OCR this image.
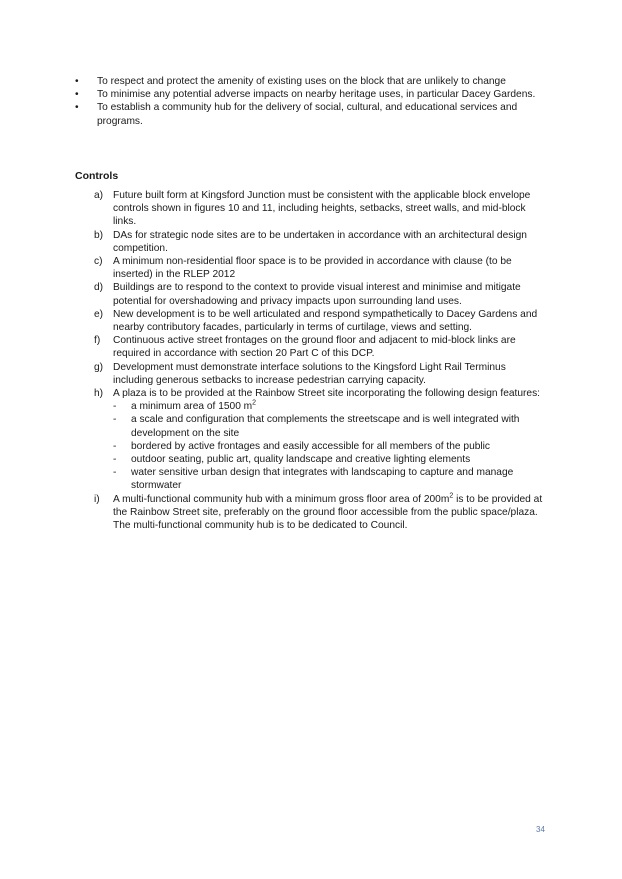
•	To respect and protect the amenity of existing uses on the block that are unlikely to change
•	To minimise any potential adverse impacts on nearby heritage uses, in particular Dacey Gardens.
•	To establish a community hub for the delivery of social, cultural, and educational services and programs.
Controls
a) Future built form at Kingsford Junction must be consistent with the applicable block envelope controls shown in figures 10 and 11, including heights, setbacks, street walls, and mid-block links.
b) DAs for strategic node sites are to be undertaken in accordance with an architectural design competition.
c) A minimum non-residential floor space is to be provided in accordance with clause (to be inserted) in the RLEP 2012
d) Buildings are to respond to the context to provide visual interest and minimise and mitigate potential for overshadowing and privacy impacts upon surrounding land uses.
e) New development is to be well articulated and respond sympathetically to Dacey Gardens and nearby contributory facades, particularly in terms of curtilage, views and setting.
f) Continuous active street frontages on the ground floor and adjacent to mid-block links are required in accordance with section 20 Part C of this DCP.
g) Development must demonstrate interface solutions to the Kingsford Light Rail Terminus including generous setbacks to increase pedestrian carrying capacity.
h) A plaza is to be provided at the Rainbow Street site incorporating the following design features:
- a minimum area of 1500 $m^2$
- a scale and configuration that complements the streetscape and is well integrated with development on the site
- bordered by active frontages and easily accessible for all members of the public
- outdoor seating, public art, quality landscape and creative lighting elements
- water sensitive urban design that integrates with landscaping to capture and manage stormwater
i) A multi-functional community hub with a minimum gross floor area of $200m^2$ is to be provided at the Rainbow Street site, preferably on the ground floor accessible from the public space/plaza. The multi-functional community hub is to be dedicated to Council.
34
